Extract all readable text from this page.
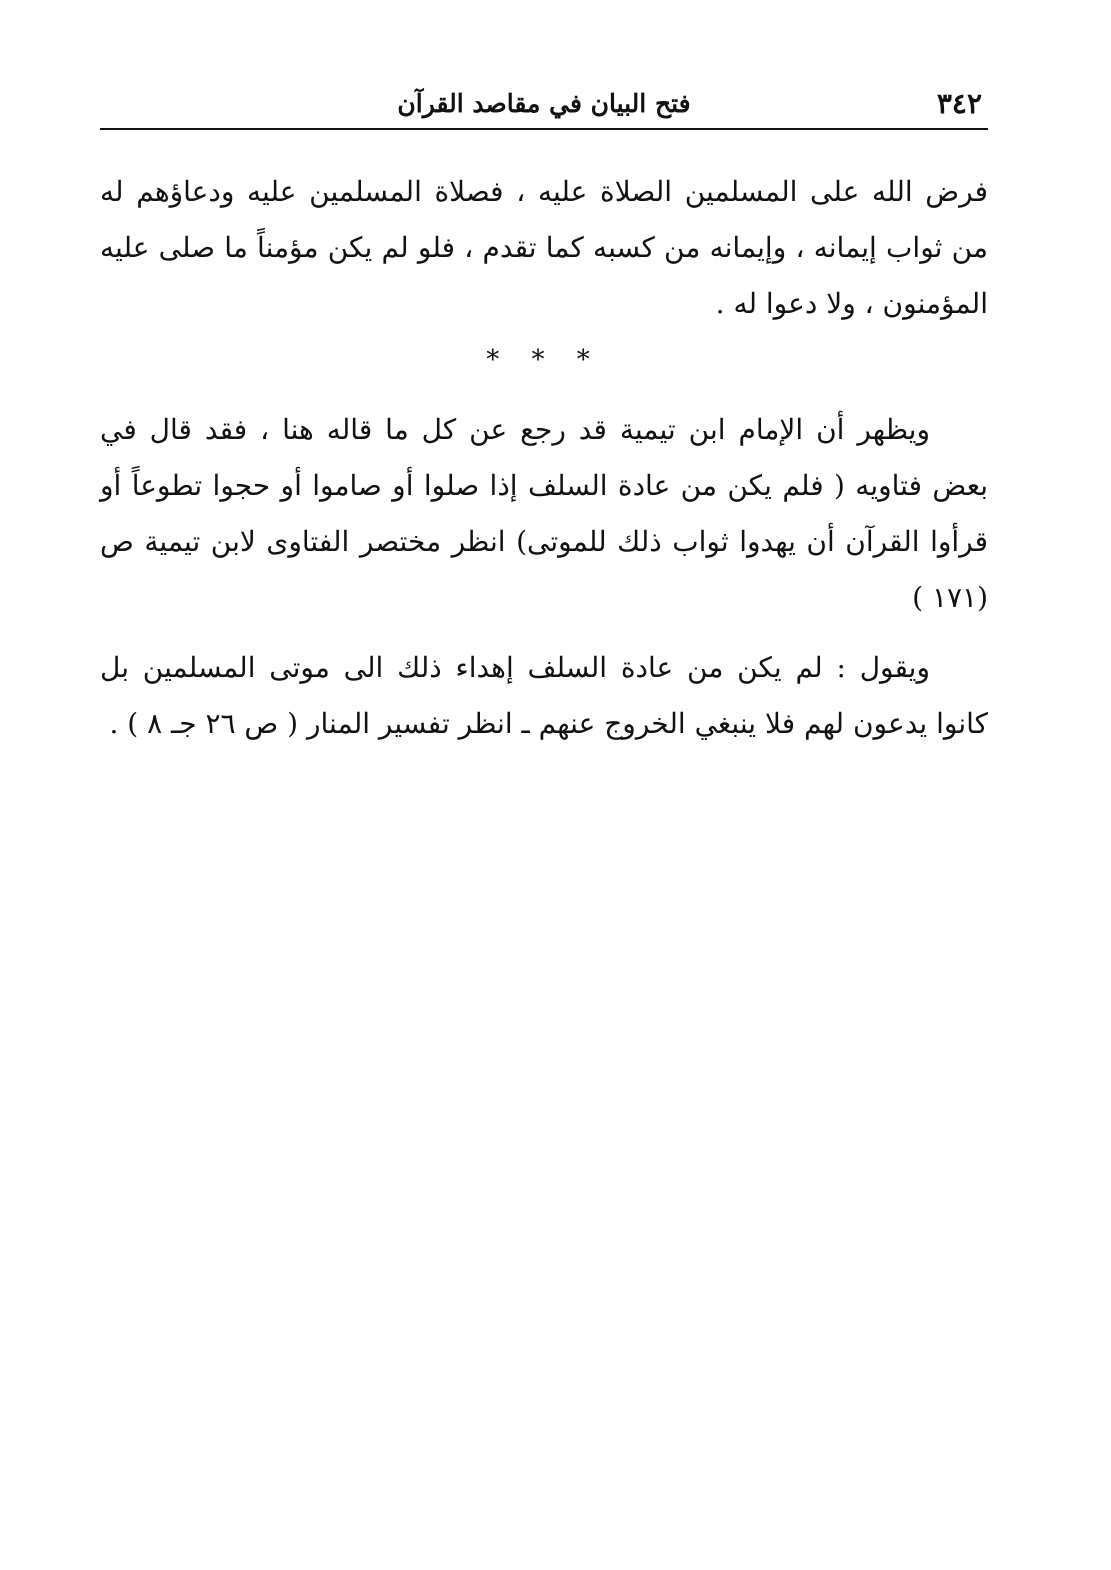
٣٤٢
فتح البيان في مقاصد القرآن

فرض الله على المسلمين الصلاة عليه ، فصلاة المسلمين عليه ودعاؤهم له من ثواب إيمانه ، وإيمانه من كسبه كما تقدم ، فلو لم يكن مؤمناً ما صلى عليه المؤمنون ، ولا دعوا له .

* * *

ويظهر أن الإمام ابن تيمية قد رجع عن كل ما قاله هنا ، فقد قال في بعض فتاويه ( فلم يكن من عادة السلف إذا صلوا أو صاموا أو حجوا تطوعاً أو قرأوا القرآن أن يهدوا ثواب ذلك للموتى) انظر مختصر الفتاوى لابن تيمية ص (١٧١ )

ويقول : لم يكن من عادة السلف إهداء ذلك الى موتى المسلمين بل كانوا يدعون لهم فلا ينبغي الخروج عنهم ـ انظر تفسير المنار ( ص ٢٦ جـ ٨ ) .
